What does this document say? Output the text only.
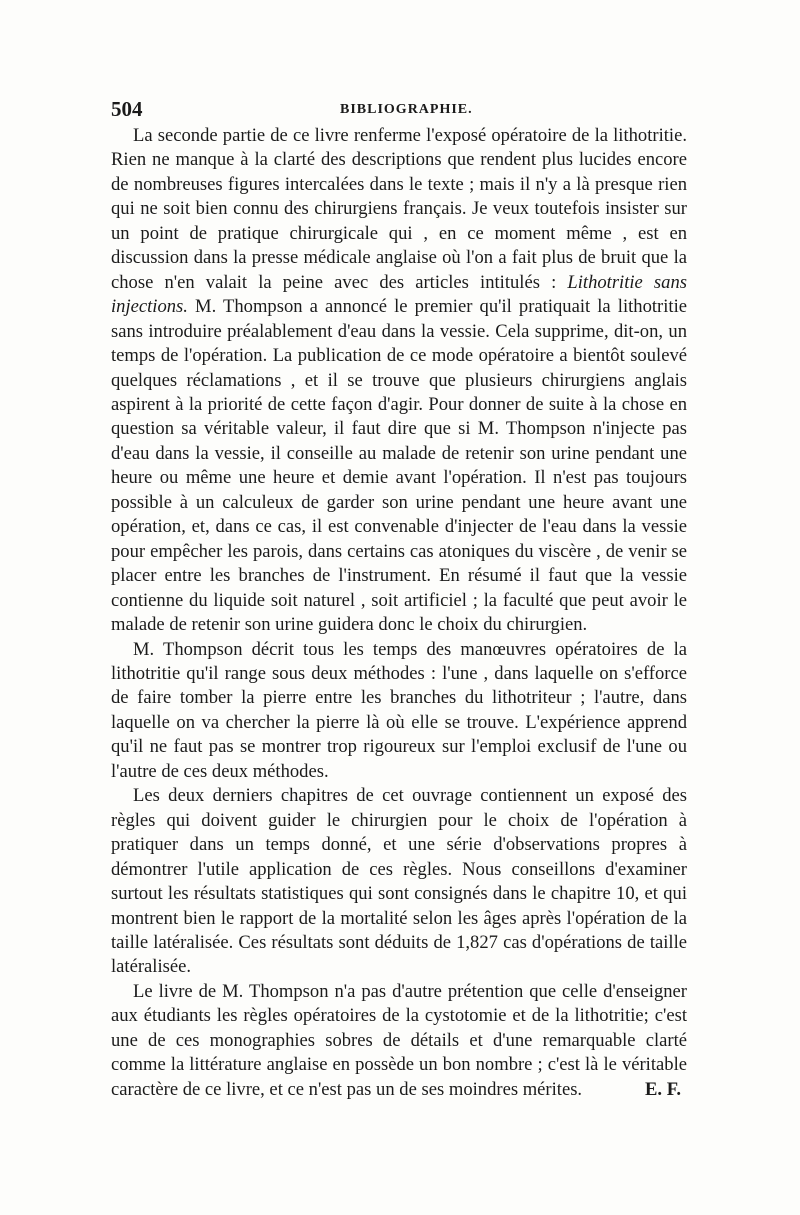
504	BIBLIOGRAPHIE.

La seconde partie de ce livre renferme l'exposé opératoire de la lithotritie. Rien ne manque à la clarté des descriptions que rendent plus lucides encore de nombreuses figures intercalées dans le texte ; mais il n'y a là presque rien qui ne soit bien connu des chirurgiens français. Je veux toutefois insister sur un point de pratique chirurgicale qui , en ce moment même , est en discussion dans la presse médicale anglaise où l'on a fait plus de bruit que la chose n'en valait la peine avec des articles intitulés : Lithotritie sans injections. M. Thompson a annoncé le premier qu'il pratiquait la lithotritie sans introduire préalablement d'eau dans la vessie. Cela supprime, dit-on, un temps de l'opération. La publication de ce mode opératoire a bientôt soulevé quelques réclamations , et il se trouve que plusieurs chirurgiens anglais aspirent à la priorité de cette façon d'agir. Pour donner de suite à la chose en question sa véritable valeur, il faut dire que si M. Thompson n'injecte pas d'eau dans la vessie, il conseille au malade de retenir son urine pendant une heure ou même une heure et demie avant l'opération. Il n'est pas toujours possible à un calculeux de garder son urine pendant une heure avant une opération, et, dans ce cas, il est convenable d'injecter de l'eau dans la vessie pour empêcher les parois, dans certains cas atoniques du viscère , de venir se placer entre les branches de l'instrument. En résumé il faut que la vessie contienne du liquide soit naturel , soit artificiel ; la faculté que peut avoir le malade de retenir son urine guidera donc le choix du chirurgien.

M. Thompson décrit tous les temps des manœuvres opératoires de la lithotritie qu'il range sous deux méthodes : l'une , dans laquelle on s'efforce de faire tomber la pierre entre les branches du lithotriteur ; l'autre, dans laquelle on va chercher la pierre là où elle se trouve. L'expérience apprend qu'il ne faut pas se montrer trop rigoureux sur l'emploi exclusif de l'une ou l'autre de ces deux méthodes.

Les deux derniers chapitres de cet ouvrage contiennent un exposé des règles qui doivent guider le chirurgien pour le choix de l'opération à pratiquer dans un temps donné, et une série d'observations propres à démontrer l'utile application de ces règles. Nous conseillons d'examiner surtout les résultats statistiques qui sont consignés dans le chapitre 10, et qui montrent bien le rapport de la mortalité selon les âges après l'opération de la taille latéralisée. Ces résultats sont déduits de 1,827 cas d'opérations de taille latéralisée.

Le livre de M. Thompson n'a pas d'autre prétention que celle d'enseigner aux étudiants les règles opératoires de la cystotomie et de la lithotritie; c'est une de ces monographies sobres de détails et d'une remarquable clarté comme la littérature anglaise en possède un bon nombre ; c'est là le véritable caractère de ce livre, et ce n'est pas un de ses moindres mérites.	E. F.
